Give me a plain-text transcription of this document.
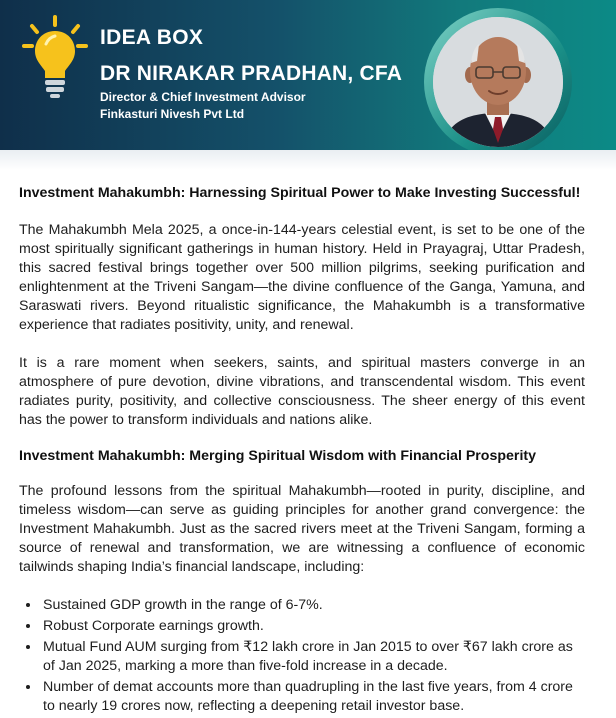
IDEA BOX
DR NIRAKAR PRADHAN, CFA
Director & Chief Investment Advisor
Finkasturi Nivesh Pvt Ltd
Investment Mahakumbh: Harnessing Spiritual Power to Make Investing Successful!

The Mahakumbh Mela 2025, a once-in-144-years celestial event, is set to be one of the most spiritually significant gatherings in human history. Held in Prayagraj, Uttar Pradesh, this sacred festival brings together over 500 million pilgrims, seeking purification and enlightenment at the Triveni Sangam—the divine confluence of the Ganga, Yamuna, and Saraswati rivers. Beyond ritualistic significance, the Mahakumbh is a transformative experience that radiates positivity, unity, and renewal.

It is a rare moment when seekers, saints, and spiritual masters converge in an atmosphere of pure devotion, divine vibrations, and transcendental wisdom. This event radiates purity, positivity, and collective consciousness. The sheer energy of this event has the power to transform individuals and nations alike.

Investment Mahakumbh: Merging Spiritual Wisdom with Financial Prosperity

The profound lessons from the spiritual Mahakumbh—rooted in purity, discipline, and timeless wisdom—can serve as guiding principles for another grand convergence: the Investment Mahakumbh. Just as the sacred rivers meet at the Triveni Sangam, forming a source of renewal and transformation, we are witnessing a confluence of economic tailwinds shaping India’s financial landscape, including:

• Sustained GDP growth in the range of 6-7%.
• Robust Corporate earnings growth.
• Mutual Fund AUM surging from ₹12 lakh crore in Jan 2015 to over ₹67 lakh crore as of Jan 2025, marking a more than five-fold increase in a decade.
• Number of demat accounts more than quadrupling in the last five years, from 4 crore to nearly 19 crores now, reflecting a deepening retail investor base.
